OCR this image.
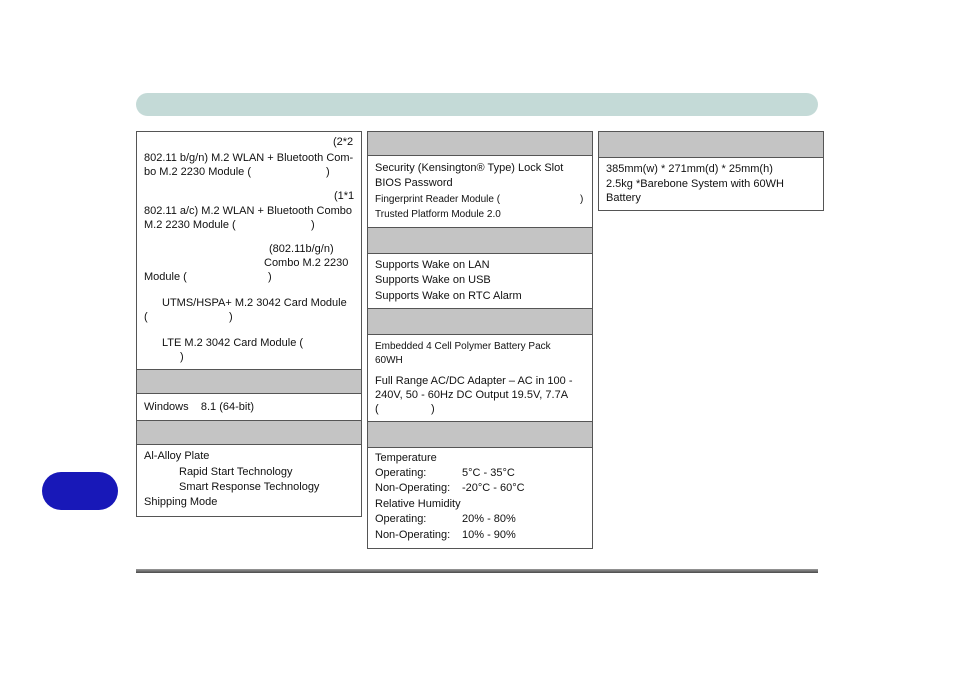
(2*2
802.11 b/g/n) M.2 WLAN + Bluetooth Com-
bo M.2 2230 Module (	)
(1*1
802.11 a/c) M.2 WLAN + Bluetooth Combo
M.2 2230 Module (	)
(802.11b/g/n)
Combo M.2 2230
Module (	)
UTMS/HSPA+ M.2 3042 Card Module
(	)
LTE M.2 3042 Card Module (
)
Windows    8.1 (64-bit)
Al-Alloy Plate
Rapid Start Technology
Smart Response Technology
Shipping Mode
Security (Kensington® Type) Lock Slot
BIOS Password
Fingerprint Reader Module (	)
Trusted Platform Module 2.0
Supports Wake on LAN
Supports Wake on USB
Supports Wake on RTC Alarm
Embedded 4 Cell Polymer Battery Pack
60WH
Full Range AC/DC Adapter – AC in 100 -
240V, 50 - 60Hz DC Output 19.5V, 7.7A
(	)
Temperature
Operating:	5°C - 35°C
Non-Operating: -20°C - 60°C
Relative Humidity
Operating:	20% - 80%
Non-Operating: 10% - 90%
385mm(w) * 271mm(d) * 25mm(h)
2.5kg *Barebone System with 60WH
Battery
